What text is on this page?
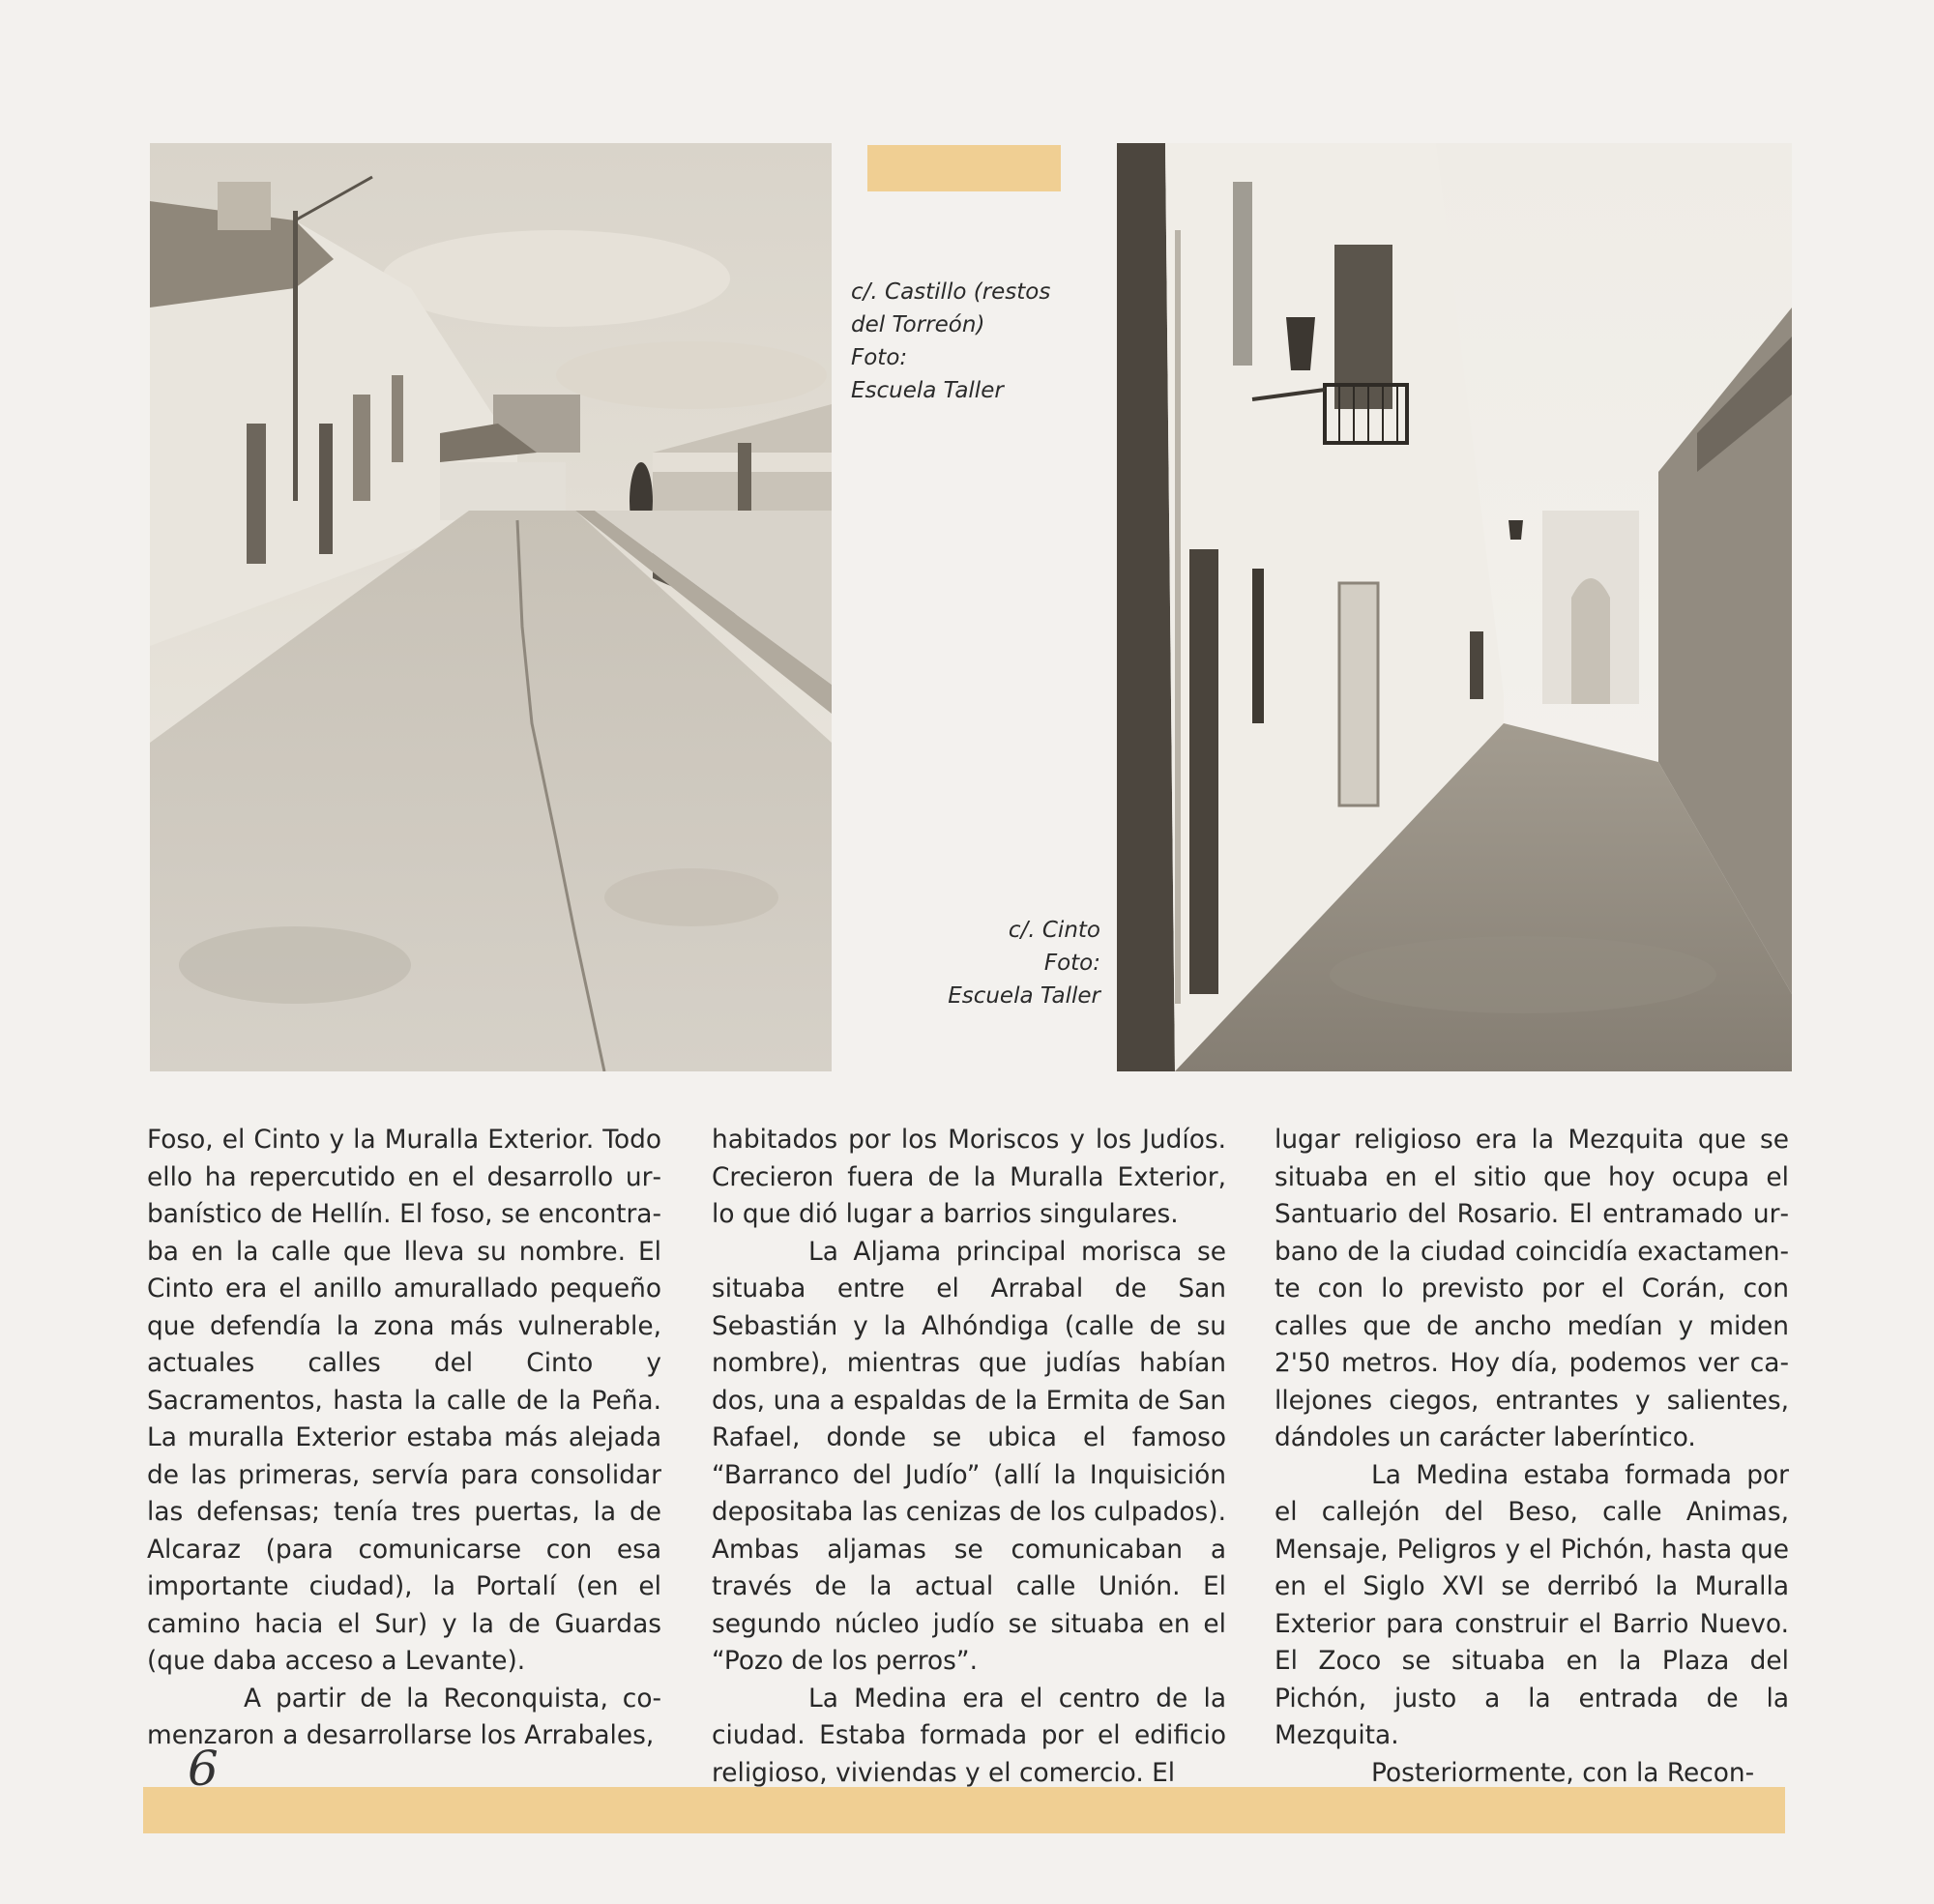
c/. Castillo (restos
del Torreón)
Foto:
Escuela Taller
c/. Cinto
Foto:
Escuela Taller

Foso, el Cinto y la Muralla Exterior. Todo ello ha repercutido en el desarrollo urbanístico de Hellín. El foso, se encontraba en la calle que lleva su nombre. El Cinto era el anillo amurallado pequeño que defendía la zona más vulnerable, actuales calles del Cinto y Sacramentos, hasta la calle de la Peña. La muralla Exterior estaba más alejada de las primeras, servía para consolidar las defensas; tenía tres puertas, la de Alcaraz (para comunicarse con esa importante ciudad), la Portalí (en el camino hacia el Sur) y la de Guardas (que daba acceso a Levante).

A partir de la Reconquista, comenzaron a desarrollarse los Arrabales,

habitados por los Moriscos y los Judíos. Crecieron fuera de la Muralla Exterior, lo que dió lugar a barrios singulares.

La Aljama principal morisca se situaba entre el Arrabal de San Sebastián y la Alhóndiga (calle de su nombre), mientras que judías habían dos, una a espaldas de la Ermita de San Rafael, donde se ubica el famoso “Barranco del Judío” (allí la Inquisición depositaba las cenizas de los culpados). Ambas aljamas se comunicaban a través de la actual calle Unión. El segundo núcleo judío se situaba en el “Pozo de los perros”.

La Medina era el centro de la ciudad. Estaba formada por el edificio religioso, viviendas y el comercio. El

lugar religioso era la Mezquita que se situaba en el sitio que hoy ocupa el Santuario del Rosario. El entramado urbano de la ciudad coincidía exactamente con lo previsto por el Corán, con calles que de ancho medían y miden 2'50 metros. Hoy día, podemos ver callejones ciegos, entrantes y salientes, dándoles un carácter laberíntico.

La Medina estaba formada por el callejón del Beso, calle Animas, Mensaje, Peligros y el Pichón, hasta que en el Siglo XVI se derribó la Muralla Exterior para construir el Barrio Nuevo. El Zoco se situaba en la Plaza del Pichón, justo a la entrada de la Mezquita.

Posteriormente, con la Recon-

6
